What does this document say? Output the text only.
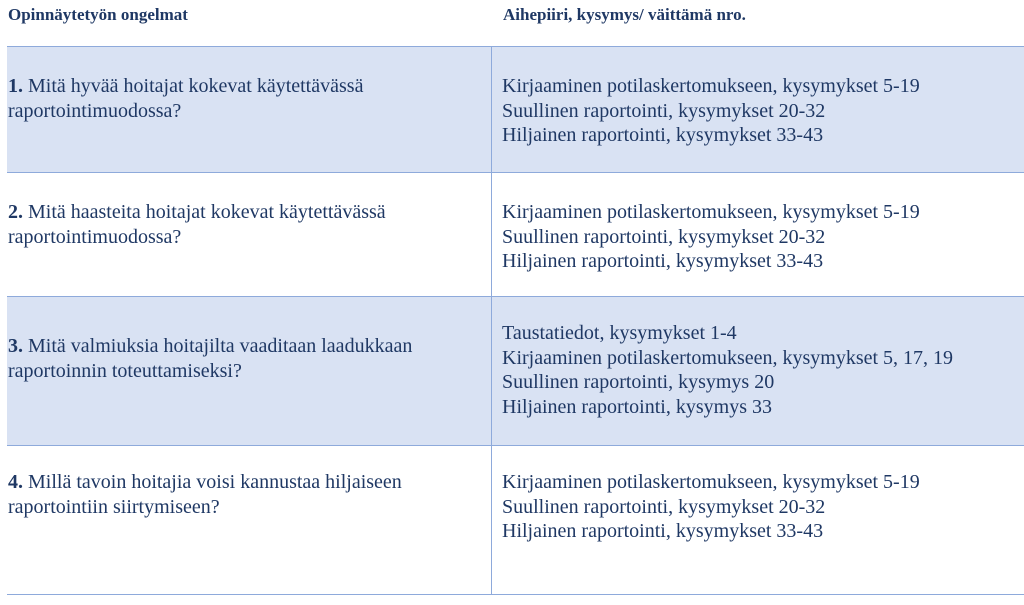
Opinnäytetyön ongelmat	Aihepiiri, kysymys/ väittämä nro.
1. Mitä hyvää hoitajat kokevat käytettävässä
raportointimuodossa?
Kirjaaminen potilaskertomukseen, kysymykset 5-19
Suullinen raportointi, kysymykset 20-32
Hiljainen raportointi, kysymykset 33-43
2. Mitä haasteita hoitajat kokevat käytettävässä
raportointimuodossa?
Kirjaaminen potilaskertomukseen, kysymykset 5-19
Suullinen raportointi, kysymykset 20-32
Hiljainen raportointi, kysymykset 33-43
3. Mitä valmiuksia hoitajilta vaaditaan laadukkaan
raportoinnin toteuttamiseksi?
Taustatiedot, kysymykset 1-4
Kirjaaminen potilaskertomukseen, kysymykset 5, 17, 19
Suullinen raportointi, kysymys 20
Hiljainen raportointi, kysymys 33
4. Millä tavoin hoitajia voisi kannustaa hiljaiseen
raportointiin siirtymiseen?
Kirjaaminen potilaskertomukseen, kysymykset 5-19
Suullinen raportointi, kysymykset 20-32
Hiljainen raportointi, kysymykset 33-43
